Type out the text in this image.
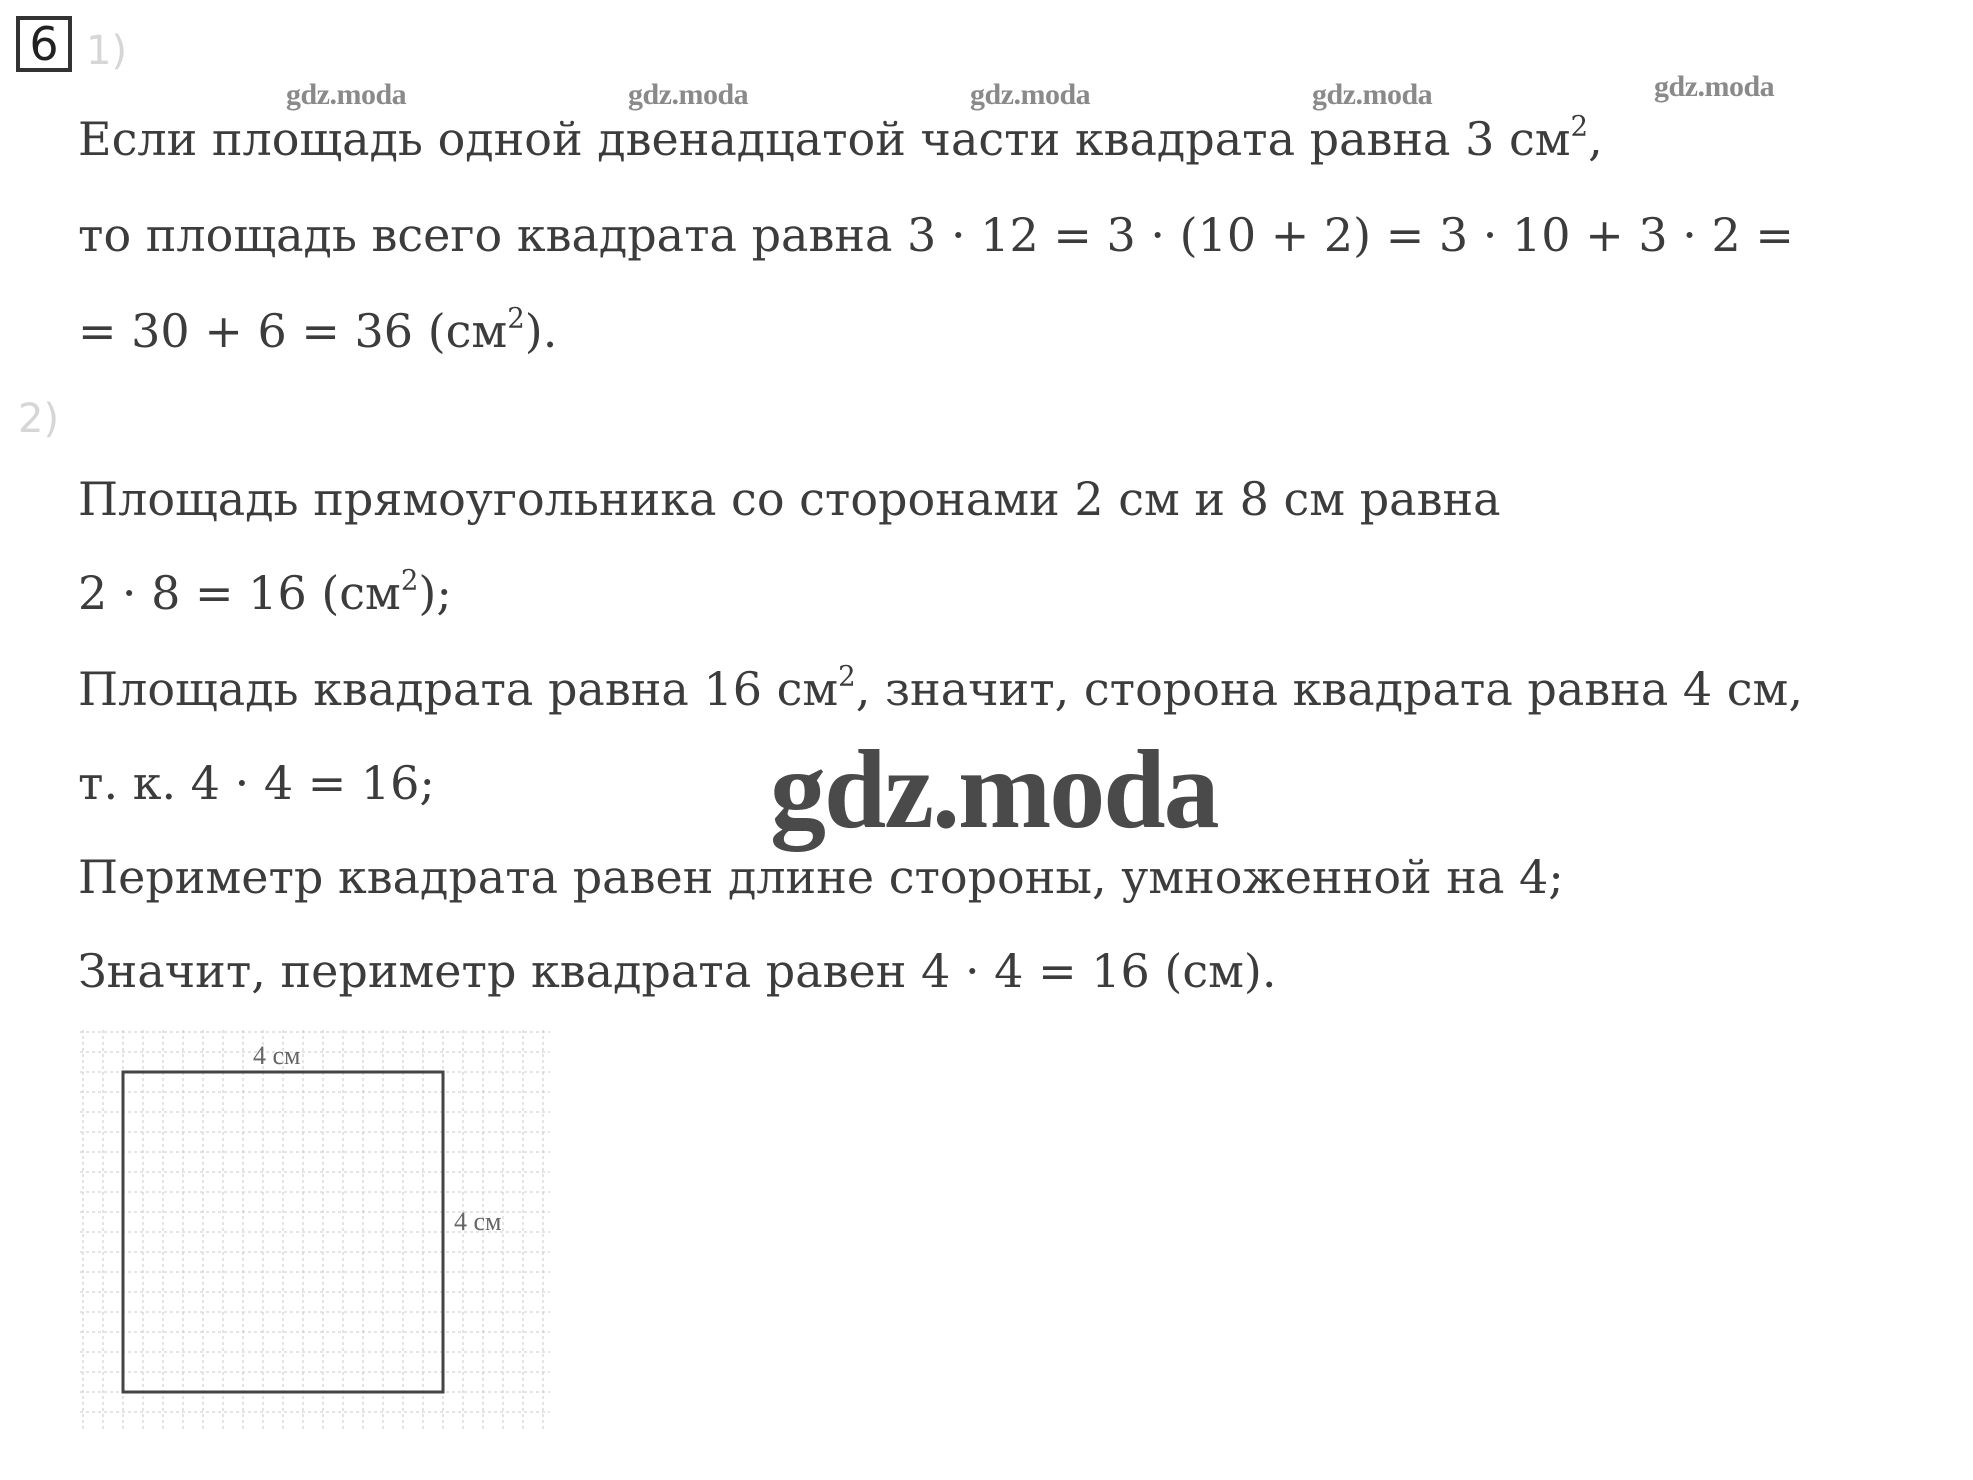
6 1)
2)
gdz.moda	gdz.moda	gdz.moda	gdz.moda	gdz.moda
Если площадь одной двенадцатой части квадрата равна 3 $см^2$,
то площадь всего квадрата равна 3 · 12 = 3 · (10 + 2) = 3 · 10 + 3 · 2 =
= 30 + 6 = 36 $(см^2)$.
Площадь прямоугольника со сторонами 2 см и 8 см равна
2 · 8 = 16 $(см^2)$;
Площадь квадрата равна 16 $см^2$, значит, сторона квадрата равна 4 см,
т. к. 4 · 4 = 16;
Периметр квадрата равен длине стороны, умноженной на 4;
Значит, периметр квадрата равен 4 · 4 = 16 (см).
gdz.moda
4 см
4 см
